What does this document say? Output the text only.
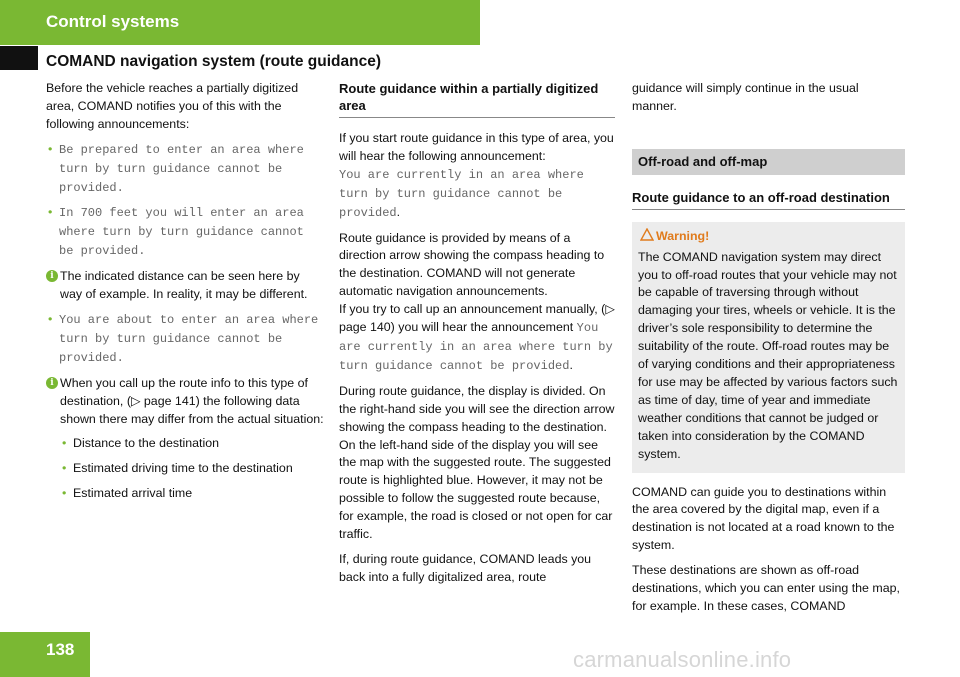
Control systems
COMAND navigation system (route guidance)

Before the vehicle reaches a partially digitized area, COMAND notifies you of this with the following announcements:

• Be prepared to enter an area where turn by turn guidance cannot be provided.
• In 700 feet you will enter an area where turn by turn guidance cannot be provided.
i The indicated distance can be seen here by way of example. In reality, it may be different.
• You are about to enter an area where turn by turn guidance cannot be provided.
i When you call up the route info to this type of destination, (▷ page 141) the following data shown there may differ from the actual situation:
• Distance to the destination
• Estimated driving time to the destination
• Estimated arrival time
Route guidance within a partially digitized area

If you start route guidance in this type of area, you will hear the following announcement:
You are currently in an area where turn by turn guidance cannot be provided.

Route guidance is provided by means of a direction arrow showing the compass heading to the destination. COMAND will not generate automatic navigation announcements.
If you try to call up an announcement manually, (▷ page 140) you will hear the announcement You are currently in an area where turn by turn guidance cannot be provided.

During route guidance, the display is divided. On the right-hand side you will see the direction arrow showing the compass heading to the destination.
On the left-hand side of the display you will see the map with the suggested route. The suggested route is highlighted blue. However, it may not be possible to follow the suggested route because, for example, the road is closed or not open for car traffic.

If, during route guidance, COMAND leads you back into a fully digitalized area, route

guidance will simply continue in the usual manner.

Off-road and off-map
Route guidance to an off-road destination
Warning!

The COMAND navigation system may direct you to off-road routes that your vehicle may not be capable of traversing through without damaging your tires, wheels or vehicle. It is the driver’s sole responsibility to determine the suitability of the route. Off-road routes may be of varying conditions and their appropriateness for use may be affected by various factors such as time of day, time of year and immediate weather conditions that cannot be judged or taken into consideration by the COMAND system.

COMAND can guide you to destinations within the area covered by the digital map, even if a destination is not located at a road known to the system.

These destinations are shown as off-road destinations, which you can enter using the map, for example. In these cases, COMAND

138	carmanualsonline.info
